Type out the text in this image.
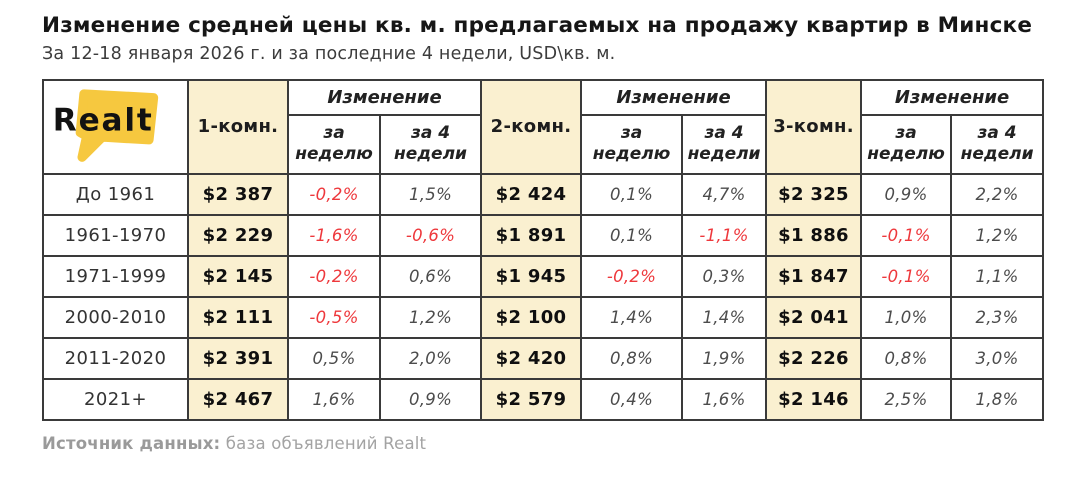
Изменение средней цены кв. м. предлагаемых на продажу квартир в Минске

За 12-18 января 2026 г. и за последние 4 недели, USD\кв. м.

Realt	1-комн.	Изменение		2-комн.	Изменение		3-комн.	Изменение	
		за неделю	за 4 недели		за неделю	за 4 недели		за неделю	за 4 недели
До 1961	$2 387	-0,2%	1,5%	$2 424	0,1%	4,7%	$2 325	0,9%	2,2%
1961-1970	$2 229	-1,6%	-0,6%	$1 891	0,1%	-1,1%	$1 886	-0,1%	1,2%
1971-1999	$2 145	-0,2%	0,6%	$1 945	-0,2%	0,3%	$1 847	-0,1%	1,1%
2000-2010	$2 111	-0,5%	1,2%	$2 100	1,4%	1,4%	$2 041	1,0%	2,3%
2011-2020	$2 391	0,5%	2,0%	$2 420	0,8%	1,9%	$2 226	0,8%	3,0%
2021+	$2 467	1,6%	0,9%	$2 579	0,4%	1,6%	$2 146	2,5%	1,8%

Источник данных: база объявлений Realt
